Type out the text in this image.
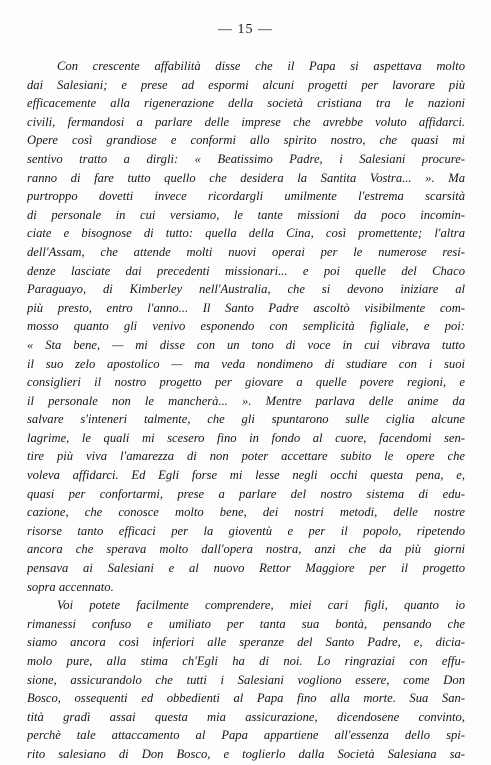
— 15 —
Con crescente affabilità disse che il Papa si aspettava molto
dai Salesiani; e prese ad espormi alcuni progetti per lavorare più
efficacemente alla rigenerazione della società cristiana tra le nazioni
civili, fermandosi a parlare delle imprese che avrebbe voluto affidarci.
Opere così grandiose e conformi allo spirito nostro, che quasi mi
sentivo tratto a dirgli: « Beatissimo Padre, i Salesiani procure-
ranno di fare tutto quello che desidera la Santita Vostra... ». Ma
purtroppo dovetti invece ricordargli umilmente l'estrema scarsità
di personale in cui versiamo, le tante missioni da poco incomin-
ciate e bisognose di tutto: quella della Cina, così promettente; l'altra
dell'Assam, che attende molti nuovi operai per le numerose resi-
denze lasciate dai precedenti missionari... e poi quelle del Chaco
Paraguayo, di Kimberley nell'Australia, che si devono iniziare al
più presto, entro l'anno... Il Santo Padre ascoltò visibilmente com-
mosso quanto gli venivo esponendo con semplicità figliale, e poi:
« Sta bene, — mi disse con un tono di voce in cui vibrava tutto
il suo zelo apostolico — ma veda nondimeno di studiare con i suoi
consiglieri il nostro progetto per giovare a quelle povere regioni, e
il personale non le mancherà... ». Mentre parlava delle anime da
salvare s'inteneri talmente, che gli spuntarono sulle ciglia alcune
lagrime, le quali mi scesero fino in fondo al cuore, facendomi sen-
tire più viva l'amarezza di non poter accettare subito le opere che
voleva affidarci. Ed Egli forse mi lesse negli occhi questa pena, e,
quasi per confortarmi, prese a parlare del nostro sistema di edu-
cazione, che conosce molto bene, dei nostri metodi, delle nostre
risorse tanto efficaci per la gioventù e per il popolo, ripetendo
ancora che sperava molto dall'opera nostra, anzi che da più giorni
pensava ai Salesiani e al nuovo Rettor Maggiore per il progetto
sopra accennato.
Voi potete facilmente comprendere, miei cari figli, quanto io
rimanessi confuso e umiliato per tanta sua bontà, pensando che
siamo ancora così inferiori alle speranze del Santo Padre, e, dicia-
molo pure, alla stima ch'Egli ha di noi. Lo ringraziai con effu-
sione, assicurandolo che tutti i Salesiani vogliono essere, come Don
Bosco, ossequenti ed obbedienti al Papa fino alla morte. Sua San-
tità gradì assai questa mia assicurazione, dicendosene convinto,
perchè tale attaccamento al Papa appartiene all'essenza dello spi-
rito salesiano di Don Bosco, e toglierlo dalla Società Salesiana sa-
